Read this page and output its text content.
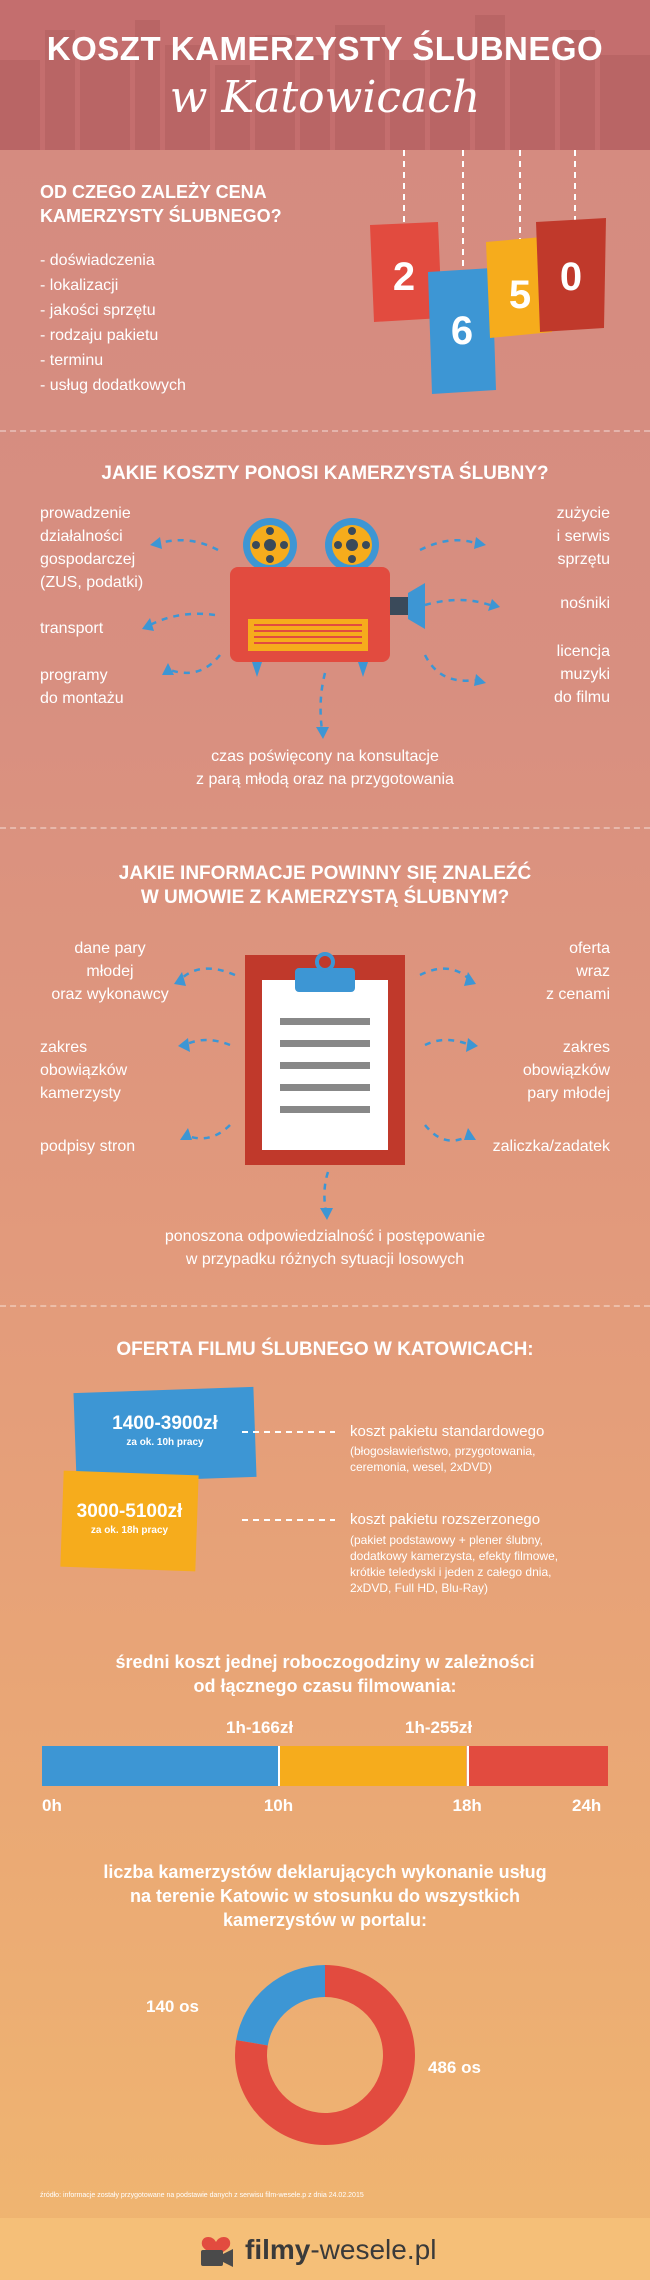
KOSZT KAMERZYSTY ŚLUBNEGO
w Katowicach
OD CZEGO ZALEŻY CENA
KAMERZYSTY ŚLUBNEGO?
- doświadczenia
- lokalizacji
- jakości sprzętu
- rodzaju pakietu
- terminu
- usług dodatkowych
2
6
5 0
JAKIE KOSZTY PONOSI KAMERZYSTA ŚLUBNY?
prowadzenie
działalności
gospodarczej
(ZUS, podatki)
transport
programy
do montażu
zużycie
i serwis
sprzętu
nośniki
licencja
muzyki
do filmu
czas poświęcony na konsultacje
z parą młodą oraz na przygotowania
JAKIE INFORMACJE POWINNY SIĘ ZNALEŹĆ
W UMOWIE Z KAMERZYSTĄ ŚLUBNYM?
dane pary
młodej
oraz wykonawcy
zakres
obowiązków
kamerzysty
podpisy stron
oferta
wraz
z cenami
zakres
obowiązków
pary młodej
zaliczka/zadatek
ponoszona odpowiedzialność i postępowanie
w przypadku różnych sytuacji losowych
OFERTA FILMU ŚLUBNEGO W KATOWICACH:
1400-3900zł
za ok. 10h pracy
3000-5100zł
za ok. 18h pracy
koszt pakietu standardowego
(błogosławieństwo, przygotowania,
ceremonia, wesel, 2xDVD)
koszt pakietu rozszerzonego
(pakiet podstawowy + plener ślubny,
dodatkowy kamerzysta, efekty filmowe,
krótkie teledyski i jeden z całego dnia,
2xDVD, Full HD, Blu-Ray)
średni koszt jednej roboczogodziny w zależności
od łącznego czasu filmowania:
1h-166zł	1h-255zł
0h	10h	18h	24h
liczba kamerzystów deklarujących wykonanie usług
na terenie Katowic w stosunku do wszystkich
kamerzystów w portalu:
140 os
486 os
źródło: informacje zostały przygotowane na podstawie danych z serwisu film-wesele.p z dnia 24.02.2015
filmy-wesele.pl
